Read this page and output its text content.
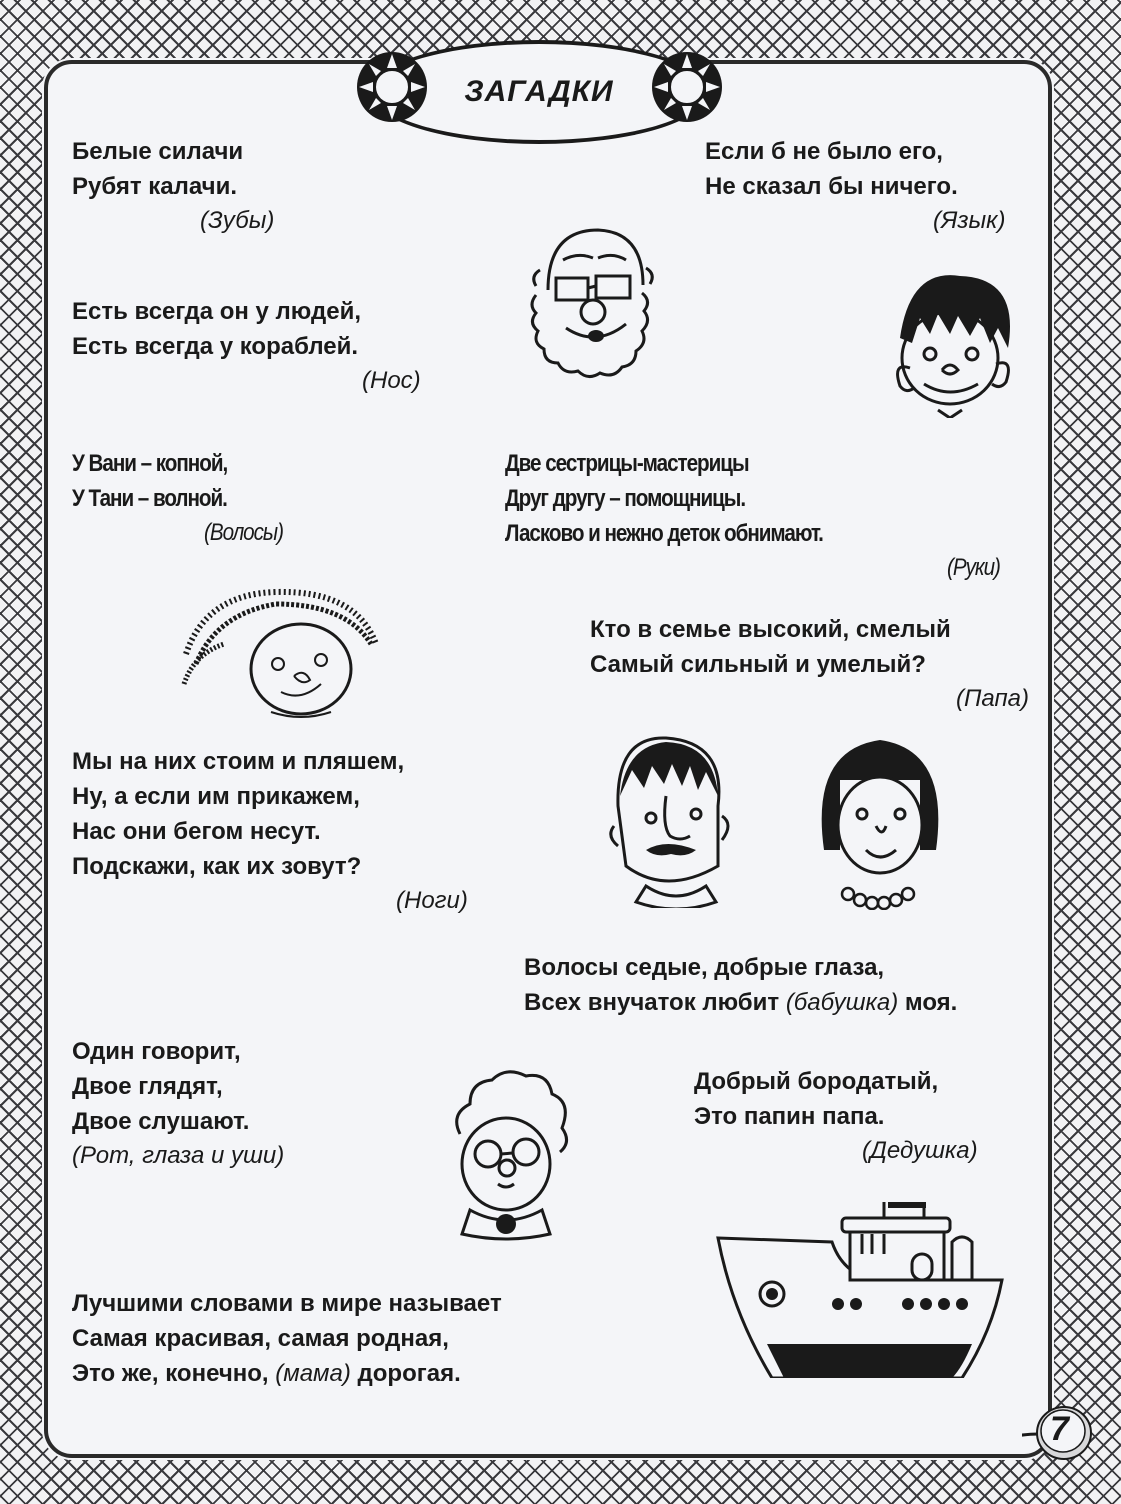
ЗАГАДКИ
Белые силачи
Рубят калачи.
(Зубы)
Если б не было его,
Не сказал бы ничего.
(Язык)
Есть всегда он у людей,
Есть всегда у кораблей.
(Нос)
У Вани – копной,
У Тани – волной.
(Волосы)
Две сестрицы-мастерицы
Друг другу – помощницы.
Ласково и нежно деток обнимают.
(Руки)
Кто в семье высокий, смелый
Самый сильный и умелый?
(Папа)
Мы на них стоим и пляшем,
Ну, а если им прикажем,
Нас они бегом несут.
Подскажи, как их зовут?
(Ноги)
Волосы седые, добрые глаза,
Всех внучаток любит (бабушка) моя.
Один говорит,
Двое глядят,
Двое слушают.
(Рот, глаза и уши)
Добрый бородатый,
Это папин папа.
(Дедушка)
Лучшими словами в мире называет
Самая красивая, самая родная,
Это же, конечно, (мама) дорогая.
7
